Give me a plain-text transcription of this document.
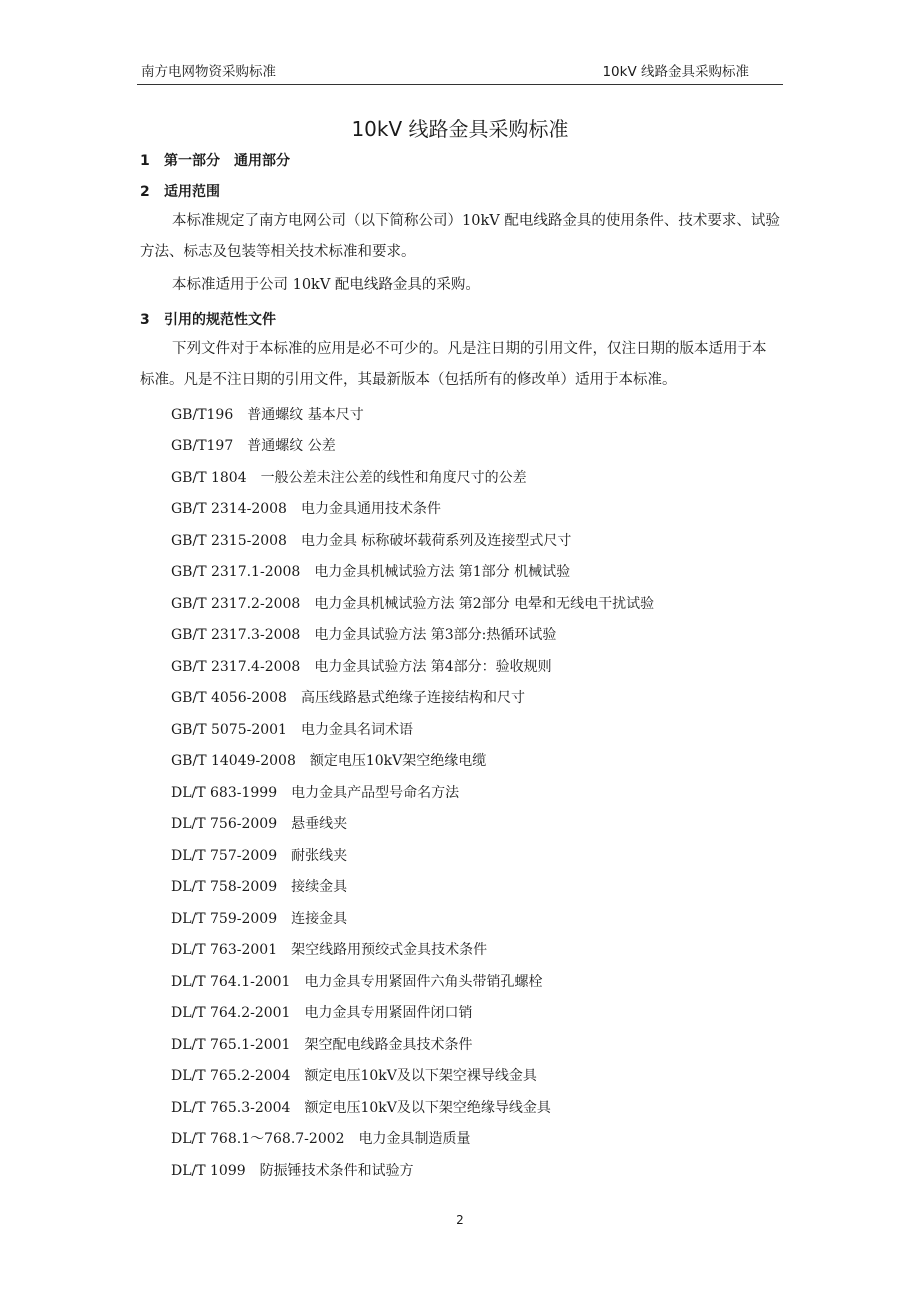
南方电网物资采购标准	10kV 线路金具采购标准
10kV 线路金具采购标准
1 第一部分　通用部分
2 适用范围

本标准规定了南方电网公司（以下简称公司）10kV 配电线路金具的使用条件、技术要求、试验方法、标志及包装等相关技术标准和要求。

本标准适用于公司 10kV 配电线路金具的采购。

3 引用的规范性文件

下列文件对于本标准的应用是必不可少的。凡是注日期的引用文件，仅注日期的版本适用于本标准。凡是不注日期的引用文件，其最新版本（包括所有的修改单）适用于本标准。

GB/T196　普通螺纹 基本尺寸
GB/T197　普通螺纹 公差
GB/T 1804　一般公差未注公差的线性和角度尺寸的公差
GB/T 2314-2008　电力金具通用技术条件
GB/T 2315-2008　电力金具 标称破坏载荷系列及连接型式尺寸
GB/T 2317.1-2008　电力金具机械试验方法 第1部分 机械试验
GB/T 2317.2-2008　电力金具机械试验方法 第2部分 电晕和无线电干扰试验
GB/T 2317.3-2008　电力金具试验方法 第3部分:热循环试验
GB/T 2317.4-2008　电力金具试验方法 第4部分：验收规则
GB/T 4056-2008　高压线路悬式绝缘子连接结构和尺寸
GB/T 5075-2001　电力金具名词术语
GB/T 14049-2008　额定电压10kV架空绝缘电缆
DL/T 683-1999　电力金具产品型号命名方法
DL/T 756-2009　悬垂线夹
DL/T 757-2009　耐张线夹
DL/T 758-2009　接续金具
DL/T 759-2009　连接金具
DL/T 763-2001　架空线路用预绞式金具技术条件
DL/T 764.1-2001　电力金具专用紧固件六角头带销孔螺栓
DL/T 764.2-2001　电力金具专用紧固件闭口销
DL/T 765.1-2001　架空配电线路金具技术条件
DL/T 765.2-2004　额定电压10kV及以下架空裸导线金具
DL/T 765.3-2004　额定电压10kV及以下架空绝缘导线金具
DL/T 768.1～768.7-2002　电力金具制造质量
DL/T 1099　防振锤技术条件和试验方
2
